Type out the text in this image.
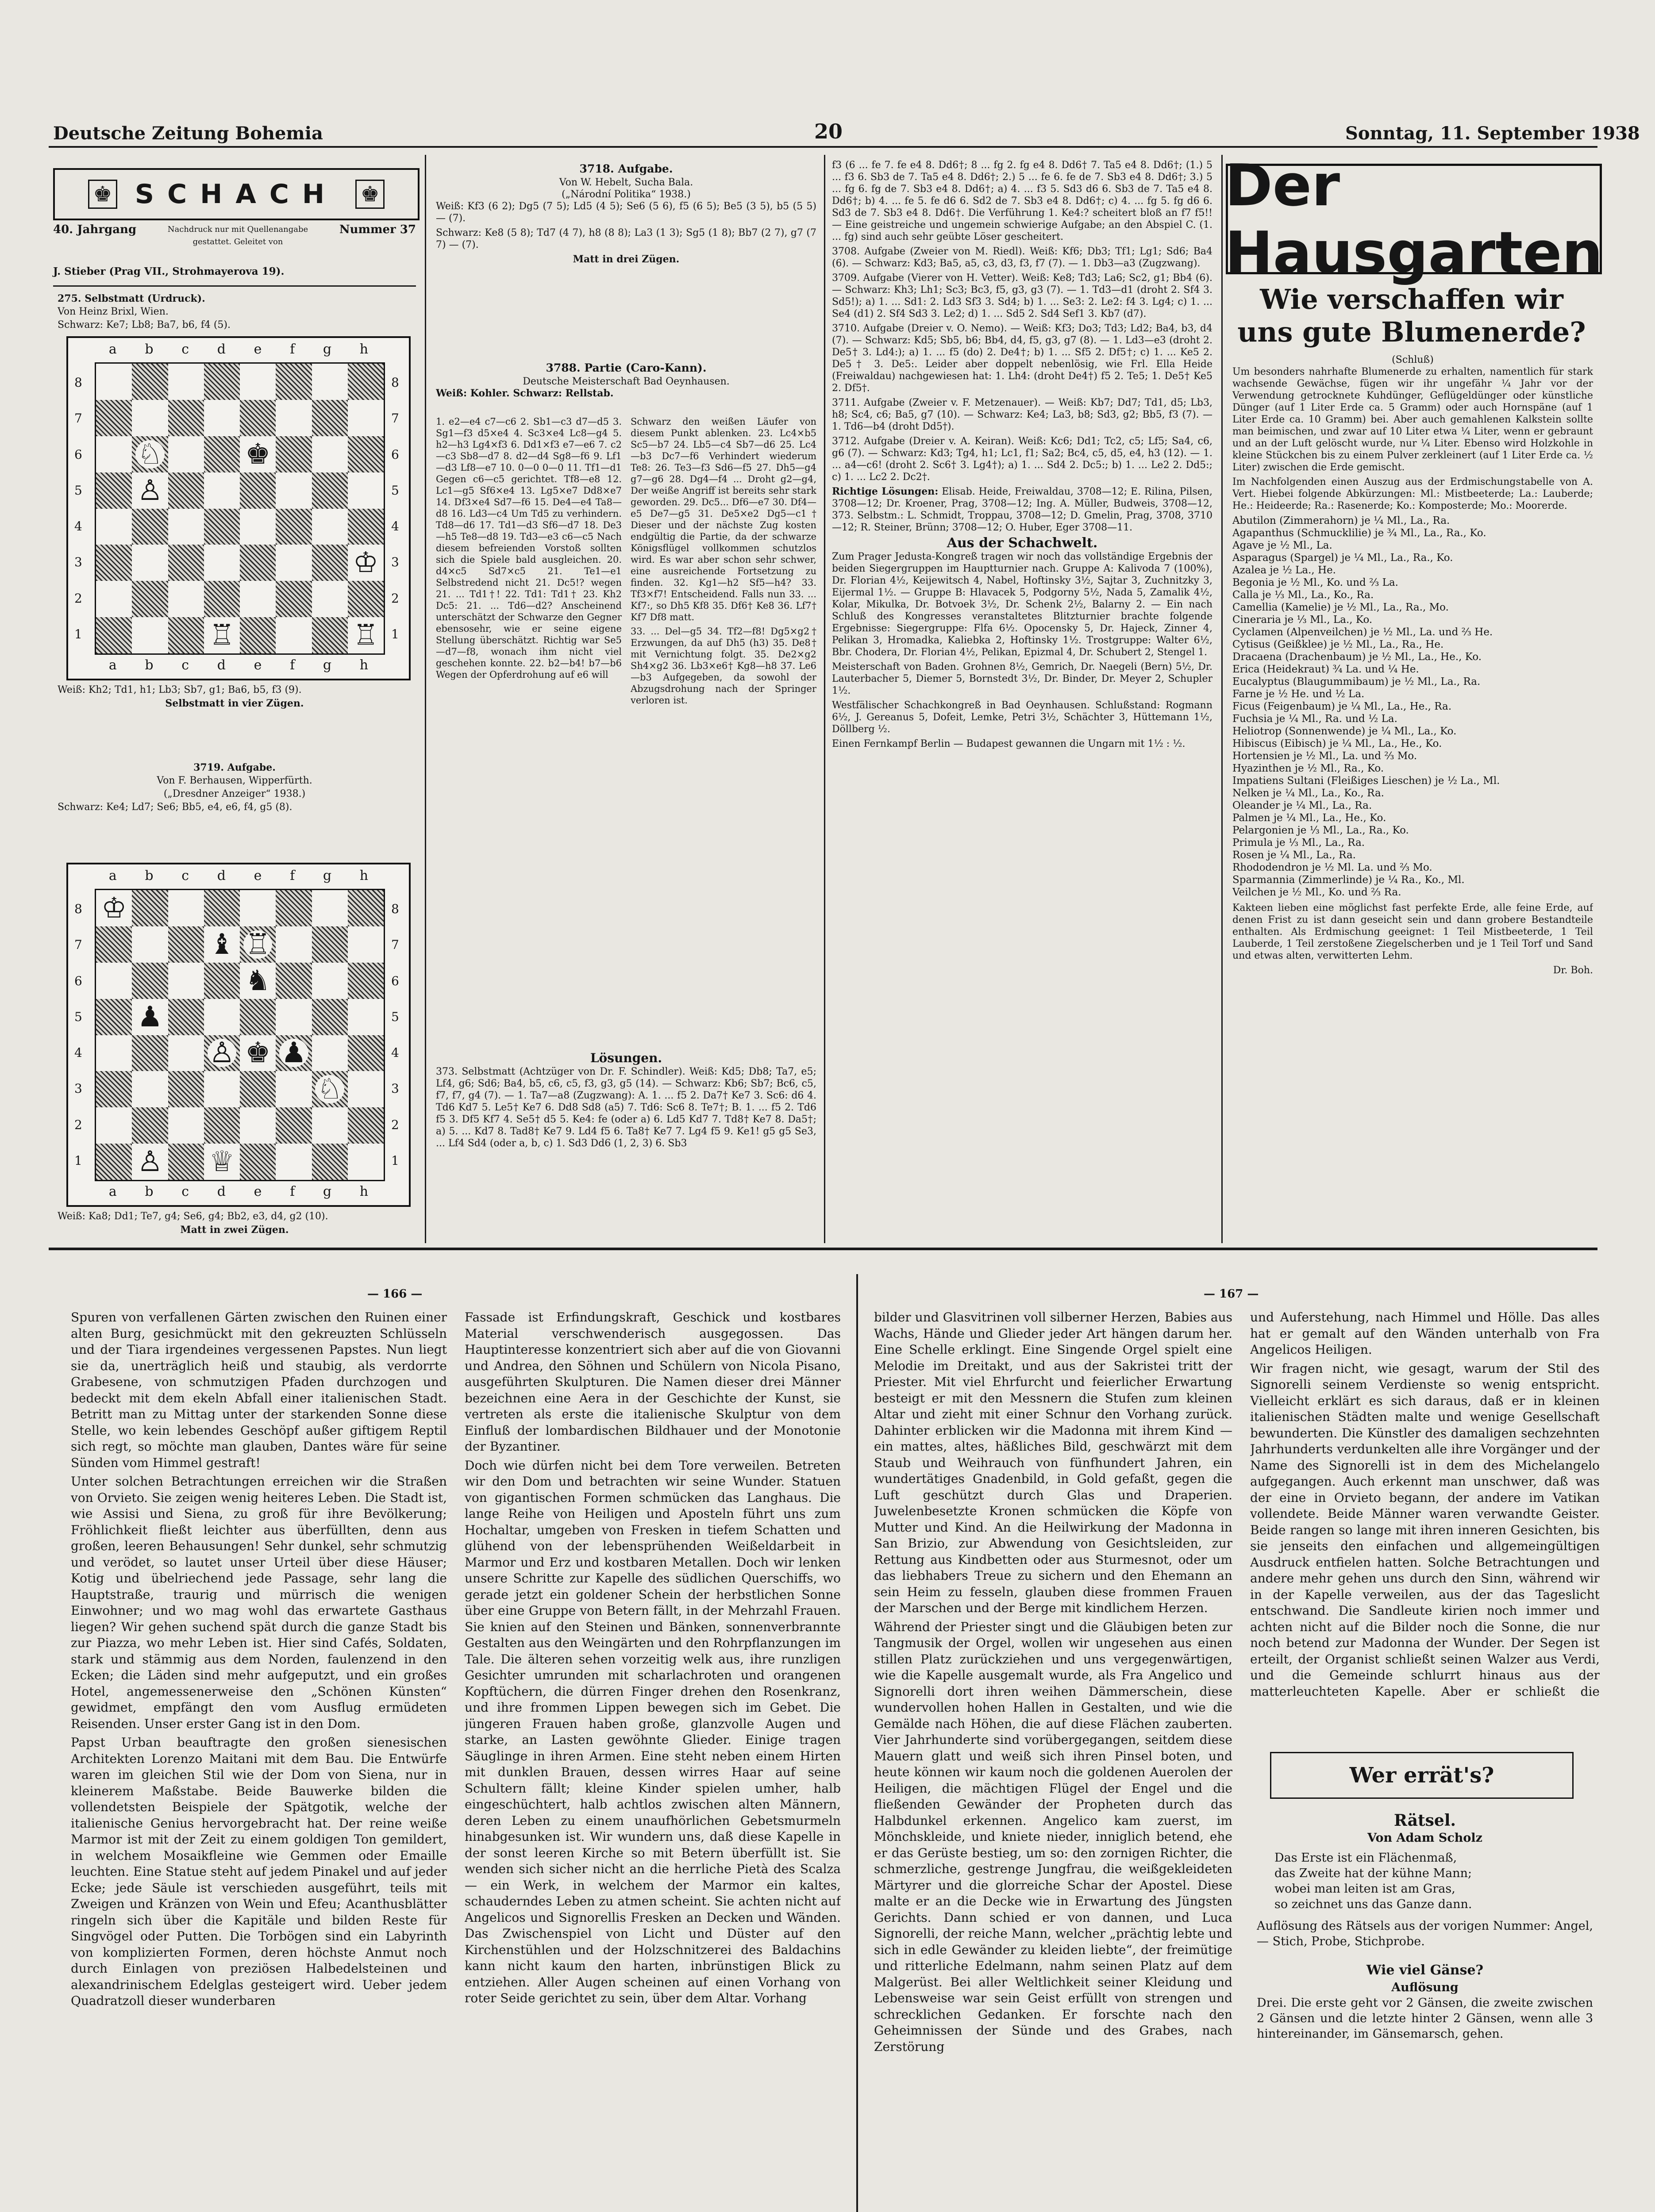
Deutsche Zeitung Bohemia	20	Sonntag, 11. September 1938
♚ SCHACH ♚
40. Jahrgang	Nachdruck nur mit Quellenangabe gestattet. Geleitet von
Nummer 37
J. Stieber (Prag VII., Strohmayerova 19).
275. Selbstmatt (Urdruck).
Von Heinz Brixl, Wien.
Schwarz: Ke7; Lb8; Ba7, b6, f4 (5).
a b c d e f g h
8
7
6
5
4
3
2
1
♘	♚
♙
♔
♖	♖
8
7
6
5
4
3
2
1
a b c d e f g h
Weiß: Kh2; Td1, h1; Lb3; Sb7, g1; Ba6, b5, f3 (9).
Selbstmatt in vier Zügen.
3719. Aufgabe.
Von F. Berhausen, Wipperfürth.
(„Dresdner Anzeiger“ 1938.)
Schwarz: Ke4; Ld7; Se6; Bb5, e4, e6, f4, g5 (8).
a b c d e f g h
8
7
6
5
4
3
2
1
♔
♝ ♖
♞
♟
♙ ♚ ♟
♘
♙ ♕
8
7
6
5
4
3
2
1
a b c d e f g h
Weiß: Ka8; Dd1; Te7, g4; Se6, g4; Bb2, e3, d4, g2 (10).
Matt in zwei Zügen.
3718. Aufgabe.
Von W. Hebelt, Sucha Bala.
(„Národní Politika“ 1938.)

Weiß: Kf3 (6 2); Dg5 (7 5); Ld5 (4 5); Se6 (5 6), f5 (6 5); Be5 (3 5), b5 (5 5) — (7).

Schwarz: Ke8 (5 8); Td7 (4 7), h8 (8 8); La3 (1 3); Sg5 (1 8); Bb7 (2 7), g7 (7 7) — (7).

Matt in drei Zügen.
3788. Partie (Caro-Kann).
Deutsche Meisterschaft Bad Oeynhausen.
Weiß: Kohler. Schwarz: Rellstab.

1. e2—e4 c7—c6 2. Sb1—c3 d7—d5 3. Sg1—f3 d5×e4 4. Sc3×e4 Lc8—g4 5. h2—h3 Lg4×f3 6. Dd1×f3 e7—e6 7. c2—c3 Sb8—d7 8. d2—d4 Sg8—f6 9. Lf1—d3 Lf8—e7 10. 0—0 0—0 11. Tf1—d1 Gegen c6—c5 gerichtet. Tf8—e8 12. Lc1—g5 Sf6×e4 13. Lg5×e7 Dd8×e7 14. Df3×e4 Sd7—f6 15. De4—e4 Ta8—d8 16. Ld3—c4 Um Td5 zu verhindern. Td8—d6 17. Td1—d3 Sf6—d7 18. De3—h5 Te8—d8 19. Td3—e3 c6—c5 Nach diesem befreienden Vorstoß sollten sich die Spiele bald ausgleichen. 20. d4×c5 Sd7×c5 21. Te1—e1 Selbstredend nicht 21. Dc5!? wegen 21. ... Td1†! 22. Td1: Td1† 23. Kh2 Dc5: 21. ... Td6—d2? Anscheinend unterschätzt der Schwarze den Gegner ebensosehr, wie er seine eigene Stellung überschätzt. Richtig war Se5—d7—f8, wonach ihm nicht viel geschehen konnte. 22. b2—b4! b7—b6 Wegen der Opferdrohung auf e6 will

Schwarz den weißen Läufer von diesem Punkt ablenken. 23. Lc4×b5 Sc5—b7 24. Lb5—c4 Sb7—d6 25. Lc4—b3 Dc7—f6 Verhindert wiederum Te8: 26. Te3—f3 Sd6—f5 27. Dh5—g4 g7—g6 28. Dg4—f4 ... Droht g2—g4, Der weiße Angriff ist bereits sehr stark geworden. 29. Dc5... Df6—e7 30. Df4—e5 De7—g5 31. De5×e2 Dg5—c1† Dieser und der nächste Zug kosten endgültig die Partie, da der schwarze Königsflügel vollkommen schutzlos wird. Es war aber schon sehr schwer, eine ausreichende Fortsetzung zu finden. 32. Kg1—h2 Sf5—h4? 33. Tf3×f7! Entscheidend. Falls nun 33. ... Kf7:, so Dh5 Kf8 35. Df6† Ke8 36. Lf7† Kf7 Df8 matt.

33. ... Del—g5 34. Tf2—f8! Dg5×g2† Erzwungen, da auf Dh5 (h3) 35. De8† mit Vernichtung folgt. 35. De2×g2 Sh4×g2 36. Lb3×e6† Kg8—h8 37. Le6—b3 Aufgegeben, da sowohl der Abzugsdrohung nach der Springer verloren ist.

Lösungen.

373. Selbstmatt (Achtzüger von Dr. F. Schindler). Weiß: Kd5; Db8; Ta7, e5; Lf4, g6; Sd6; Ba4, b5, c6, c5, f3, g3, g5 (14). — Schwarz: Kb6; Sb7; Bc6, c5, f7, f7, g4 (7). — 1. Ta7—a8 (Zugzwang): A. 1. ... f5 2. Da7† Ke7 3. Sc6: d6 4. Td6 Kd7 5. Le5† Ke7 6. Dd8 Sd8 (a5) 7. Td6: Sc6 8. Te7†; B. 1. ... f5 2. Td6 f5 3. Df5 Kf7 4. Se5† d5 5. Ke4: fe (oder a) 6. Ld5 Kd7 7. Td8† Ke7 8. Da5†; a) 5. ... Kd7 8. Tad8† Ke7 9. Ld4 f5 6. Ta8† Ke7 7. Lg4 f5 9. Ke1! g5 g5 Se3, ... Lf4 Sd4 (oder a, b, c) 1. Sd3 Dd6 (1, 2, 3) 6. Sb3

f3 (6 ... fe 7. fe e4 8. Dd6†; 8 ... fg 2. fg e4 8. Dd6† 7. Ta5 e4 8. Dd6†; (1.) 5 ... f3 6. Sb3 de 7. Ta5 e4 8. Dd6†; 2.) 5 ... fe 6. fe de 7. Sb3 e4 8. Dd6†; 3.) 5 ... fg 6. fg de 7. Sb3 e4 8. Dd6†; a) 4. ... f3 5. Sd3 d6 6. Sb3 de 7. Ta5 e4 8. Dd6†; b) 4. ... fe 5. fe d6 6. Sd2 de 7. Sb3 e4 8. Dd6†; c) 4. ... fg 5. fg d6 6. Sd3 de 7. Sb3 e4 8. Dd6†. Die Verführung 1. Ke4:? scheitert bloß an f7 f5!! — Eine geistreiche und ungemein schwierige Aufgabe; an den Abspiel C. (1. ... fg) sind auch sehr geübte Löser gescheitert.

3708. Aufgabe (Zweier von M. Riedl). Weiß: Kf6; Db3; Tf1; Lg1; Sd6; Ba4 (6). — Schwarz: Kd3; Ba5, a5, c3, d3, f3, f7 (7). — 1. Db3—a3 (Zugzwang).

3709. Aufgabe (Vierer von H. Vetter). Weiß: Ke8; Td3; La6; Sc2, g1; Bb4 (6). — Schwarz: Kh3; Lh1; Sc3; Bc3, f5, g3, g3 (7). — 1. Td3—d1 (droht 2. Sf4 3. Sd5!); a) 1. ... Sd1: 2. Ld3 Sf3 3. Sd4; b) 1. ... Se3: 2. Le2: f4 3. Lg4; c) 1. ... Se4 (d1) 2. Sf4 Sd3 3. Le2; d) 1. ... Sd5 2. Sd4 Sef1 3. Kb7 (d7).

3710. Aufgabe (Dreier v. O. Nemo). — Weiß: Kf3; Do3; Td3; Ld2; Ba4, b3, d4 (7). — Schwarz: Kd5; Sb5, b6; Bb4, d4, f5, g3, g7 (8). — 1. Ld3—e3 (droht 2. De5† 3. Ld4:); a) 1. ... f5 (do) 2. De4†; b) 1. ... Sf5 2. Df5†; c) 1. ... Ke5 2. De5† 3. De5:. Leider aber doppelt nebenlösig, wie Frl. Ella Heide (Freiwaldau) nachgewiesen hat: 1. Lh4: (droht De4†) f5 2. Te5; 1. De5† Ke5 2. Df5†.

3711. Aufgabe (Zweier v. F. Metzenauer). — Weiß: Kb7; Dd7; Td1, d5; Lb3, h8; Sc4, c6; Ba5, g7 (10). — Schwarz: Ke4; La3, b8; Sd3, g2; Bb5, f3 (7). — 1. Td6—b4 (droht Dd5†).

3712. Aufgabe (Dreier v. A. Keiran). Weiß: Kc6; Dd1; Tc2, c5; Lf5; Sa4, c6, g6 (7). — Schwarz: Kd3; Tg4, h1; Lc1, f1; Sa2; Bc4, c5, d5, e4, h3 (12). — 1. ... a4—c6! (droht 2. Sc6† 3. Lg4†); a) 1. ... Sd4 2. Dc5:; b) 1. ... Le2 2. Dd5:; c) 1. ... Lc2 2. Dc2†.

Richtige Lösungen: Elisab. Heide, Freiwaldau, 3708—12; E. Rilina, Pilsen, 3708—12; Dr. Kroener, Prag, 3708—12; Ing. A. Müller, Budweis, 3708—12, 373. Selbstm.: L. Schmidt, Troppau, 3708—12; D. Gmelin, Prag, 3708, 3710—12; R. Steiner, Brünn; 3708—12; O. Huber, Eger 3708—11.

Aus der Schachwelt.

Zum Prager Jedusta-Kongreß tragen wir noch das vollständige Ergebnis der beiden Siegergruppen im Hauptturnier nach. Gruppe A: Kalivoda 7 (100%), Dr. Florian 4½, Keijewitsch 4, Nabel, Hoftinsky 3½, Sajtar 3, Zuchnitzky 3, Eijermal 1½. — Gruppe B: Hlavacek 5, Podgorny 5½, Nada 5, Zamalik 4½, Kolar, Mikulka, Dr. Botvoek 3½, Dr. Schenk 2½, Balarny 2. — Ein nach Schluß des Kongresses veranstaltetes Blitzturnier brachte folgende Ergebnisse: Siegergruppe: Flfa 6½. Opocensky 5, Dr. Hajeck, Zinner 4, Pelikan 3, Hromadka, Kaliebka 2, Hoftinsky 1½. Trostgruppe: Walter 6½, Bbr. Chodera, Dr. Florian 4½, Pelikan, Epizmal 4, Dr. Schubert 2, Stengel 1.

Meisterschaft von Baden. Grohnen 8½, Gemrich, Dr. Naegeli (Bern) 5½, Dr. Lauterbacher 5, Diemer 5, Bornstedt 3½, Dr. Binder, Dr. Meyer 2, Schupler 1½.

Westfälischer Schachkongreß in Bad Oeynhausen. Schlußstand: Rogmann 6½, J. Gereanus 5, Dofeit, Lemke, Petri 3½, Schächter 3, Hüttemann 1½, Döllberg ½.

Einen Fernkampf Berlin — Budapest gewannen die Ungarn mit 1½ : ½.

Der Hausgarten
Wie verschaffen wir uns gute Blumenerde?
(Schluß)

Um besonders nahrhafte Blumenerde zu erhalten, namentlich für stark wachsende Gewächse, fügen wir ihr ungefähr ¼ Jahr vor der Verwendung getrocknete Kuhdünger, Geflügeldünger oder künstliche Dünger (auf 1 Liter Erde ca. 5 Gramm) oder auch Hornspäne (auf 1 Liter Erde ca. 10 Gramm) bei. Aber auch gemahlenen Kalkstein sollte man beimischen, und zwar auf 10 Liter etwa ¼ Liter, wenn er gebraunt und an der Luft gelöscht wurde, nur ¼ Liter. Ebenso wird Holzkohle in kleine Stückchen bis zu einem Pulver zerkleinert (auf 1 Liter Erde ca. ½ Liter) zwischen die Erde gemischt.

Im Nachfolgenden einen Auszug aus der Erdmischungstabelle von A. Vert. Hiebei folgende Abkürzungen: Ml.: Mistbeeterde; La.: Lauberde; He.: Heideerde; Ra.: Rasenerde; Ko.: Komposterde; Mo.: Moorerde.

Abutilon (Zimmerahorn) je ¼ Ml., La., Ra.
Agapanthus (Schmucklilie) je ¾ Ml., La., Ra., Ko.
Agave je ½ Ml., La.
Asparagus (Spargel) je ¼ Ml., La., Ra., Ko.
Azalea je ½ La., He.
Begonia je ½ Ml., Ko. und ⅔ La.
Calla je ⅓ Ml., La., Ko., Ra.
Camellia (Kamelie) je ½ Ml., La., Ra., Mo.
Cineraria je ⅓ Ml., La., Ko.
Cyclamen (Alpenveilchen) je ½ Ml., La. und ⅔ He.
Cytisus (Geißklee) je ½ Ml., La., Ra., He.
Dracaena (Drachenbaum) je ½ Ml., La., He., Ko.
Erica (Heidekraut) ¾ La. und ¼ He.
Eucalyptus (Blaugummibaum) je ½ Ml., La., Ra.
Farne je ½ He. und ½ La.
Ficus (Feigenbaum) je ¼ Ml., La., He., Ra.
Fuchsia je ¼ Ml., Ra. und ½ La.
Heliotrop (Sonnenwende) je ¼ Ml., La., Ko.
Hibiscus (Eibisch) je ¼ Ml., La., He., Ko.
Hortensien je ½ Ml., La. und ⅔ Mo.
Hyazinthen je ½ Ml., Ra., Ko.
Impatiens Sultani (Fleißiges Lieschen) je ½ La., Ml.
Nelken je ¼ Ml., La., Ko., Ra.
Oleander je ¼ Ml., La., Ra.
Palmen je ¼ Ml., La., He., Ko.
Pelargonien je ⅓ Ml., La., Ra., Ko.
Primula je ⅓ Ml., La., Ra.
Rosen je ¼ Ml., La., Ra.
Rhododendron je ½ Ml. La. und ⅔ Mo.
Sparmannia (Zimmerlinde) je ¼ Ra., Ko., Ml.
Veilchen je ½ Ml., Ko. und ⅔ Ra.

Kakteen lieben eine möglichst fast perfekte Erde, alle feine Erde, auf denen Frist zu ist dann geseicht sein und dann grobere Bestandteile enthalten. Als Erdmischung geeignet: 1 Teil Mistbeeterde, 1 Teil Lauberde, 1 Teil zerstoßene Ziegelscherben und je 1 Teil Torf und Sand und etwas alten, verwitterten Lehm.

Dr. Boh.
— 166 —	— 167 —

Spuren von verfallenen Gärten zwischen den Ruinen einer alten Burg, gesichmückt mit den gekreuzten Schlüsseln und der Tiara irgendeines vergessenen Papstes. Nun liegt sie da, unerträglich heiß und staubig, als verdorrte Grabesene, von schmutzigen Pfaden durchzogen und bedeckt mit dem ekeln Abfall einer italienischen Stadt. Betritt man zu Mittag unter der starkenden Sonne diese Stelle, wo kein lebendes Geschöpf außer giftigem Reptil sich regt, so möchte man glauben, Dantes wäre für seine Sünden vom Himmel gestraft!

Unter solchen Betrachtungen erreichen wir die Straßen von Orvieto. Sie zeigen wenig heiteres Leben. Die Stadt ist, wie Assisi und Siena, zu groß für ihre Bevölkerung; Fröhlichkeit fließt leichter aus überfüllten, denn aus großen, leeren Behausungen! Sehr dunkel, sehr schmutzig und verödet, so lautet unser Urteil über diese Häuser; Kotig und übelriechend jede Passage, sehr lang die Hauptstraße, traurig und mürrisch die wenigen Einwohner; und wo mag wohl das erwartete Gasthaus liegen? Wir gehen suchend spät durch die ganze Stadt bis zur Piazza, wo mehr Leben ist. Hier sind Cafés, Soldaten, stark und stämmig aus dem Norden, faulenzend in den Ecken; die Läden sind mehr aufgeputzt, und ein großes Hotel, angemessenerweise den „Schönen Künsten“ gewidmet, empfängt den vom Ausflug ermüdeten Reisenden. Unser erster Gang ist in den Dom.

Papst Urban beauftragte den großen sienesischen Architekten Lorenzo Maitani mit dem Bau. Die Entwürfe waren im gleichen Stil wie der Dom von Siena, nur in kleinerem Maßstabe. Beide Bauwerke bilden die vollendetsten Beispiele der Spätgotik, welche der italienische Genius hervorgebracht hat. Der reine weiße Marmor ist mit der Zeit zu einem goldigen Ton gemildert, in welchem Mosaikfleine wie Gemmen oder Emaille leuchten. Eine Statue steht auf jedem Pinakel und auf jeder Ecke; jede Säule ist verschieden ausgeführt, teils mit Zweigen und Kränzen von Wein und Efeu; Acanthusblätter ringeln sich über die Kapitäle und bilden Reste für Singvögel oder Putten. Die Torbögen sind ein Labyrinth von komplizierten Formen, deren höchste Anmut noch durch Einlagen von preziösen Halbedelsteinen und alexandrinischem Edelglas gesteigert wird. Ueber jedem Quadratzoll dieser wunderbaren

Fassade ist Erfindungskraft, Geschick und kostbares Material verschwenderisch ausgegossen. Das Hauptinteresse konzentriert sich aber auf die von Giovanni und Andrea, den Söhnen und Schülern von Nicola Pisano, ausgeführten Skulpturen. Die Namen dieser drei Männer bezeichnen eine Aera in der Geschichte der Kunst, sie vertreten als erste die italienische Skulptur von dem Einfluß der lombardischen Bildhauer und der Monotonie der Byzantiner.

Doch wie dürfen nicht bei dem Tore verweilen. Betreten wir den Dom und betrachten wir seine Wunder. Statuen von gigantischen Formen schmücken das Langhaus. Die lange Reihe von Heiligen und Aposteln führt uns zum Hochaltar, umgeben von Fresken in tiefem Schatten und glühend von der lebensprühenden Weißeldarbeit in Marmor und Erz und kostbaren Metallen. Doch wir lenken unsere Schritte zur Kapelle des südlichen Querschiffs, wo gerade jetzt ein goldener Schein der herbstlichen Sonne über eine Gruppe von Betern fällt, in der Mehrzahl Frauen. Sie knien auf den Steinen und Bänken, sonnenverbrannte Gestalten aus den Weingärten und den Rohrpflanzungen im Tale. Die älteren sehen vorzeitig welk aus, ihre runzligen Gesichter umrunden mit scharlachroten und orangenen Kopftüchern, die dürren Finger drehen den Rosenkranz, und ihre frommen Lippen bewegen sich im Gebet. Die jüngeren Frauen haben große, glanzvolle Augen und starke, an Lasten gewöhnte Glieder. Einige tragen Säuglinge in ihren Armen. Eine steht neben einem Hirten mit dunklen Brauen, dessen wirres Haar auf seine Schultern fällt; kleine Kinder spielen umher, halb eingeschüchtert, halb achtlos zwischen alten Männern, deren Leben zu einem unaufhörlichen Gebetsmurmeln hinabgesunken ist. Wir wundern uns, daß diese Kapelle in der sonst leeren Kirche so mit Betern überfüllt ist. Sie wenden sich sicher nicht an die herrliche Pietà des Scalza — ein Werk, in welchem der Marmor ein kaltes, schauderndes Leben zu atmen scheint. Sie achten nicht auf Angelicos und Signorellis Fresken an Decken und Wänden. Das Zwischenspiel von Licht und Düster auf den Kirchenstühlen und der Holzschnitzerei des Baldachins kann nicht kaum den harten, inbrünstigen Blick zu entziehen. Aller Augen scheinen auf einen Vorhang von roter Seide gerichtet zu sein, über dem Altar. Vorhang

bilder und Glasvitrinen voll silberner Herzen, Babies aus Wachs, Hände und Glieder jeder Art hängen darum her. Eine Schelle erklingt. Eine Singende Orgel spielt eine Melodie im Dreitakt, und aus der Sakristei tritt der Priester. Mit viel Ehrfurcht und feierlicher Erwartung besteigt er mit den Messnern die Stufen zum kleinen Altar und zieht mit einer Schnur den Vorhang zurück. Dahinter erblicken wir die Madonna mit ihrem Kind — ein mattes, altes, häßliches Bild, geschwärzt mit dem Staub und Weihrauch von fünfhundert Jahren, ein wundertätiges Gnadenbild, in Gold gefaßt, gegen die Luft geschützt durch Glas und Draperien. Juwelenbesetzte Kronen schmücken die Köpfe von Mutter und Kind. An die Heilwirkung der Madonna in San Brizio, zur Abwendung von Gesichtsleiden, zur Rettung aus Kindbetten oder aus Sturmesnot, oder um das liebhabers Treue zu sichern und den Ehemann an sein Heim zu fesseln, glauben diese frommen Frauen der Marschen und der Berge mit kindlichem Herzen.

Während der Priester singt und die Gläubigen beten zur Tangmusik der Orgel, wollen wir ungesehen aus einen stillen Platz zurückziehen und uns vergegenwärtigen, wie die Kapelle ausgemalt wurde, als Fra Angelico und Signorelli dort ihren weihen Dämmerschein, diese wundervollen hohen Hallen in Gestalten, und wie die Gemälde nach Höhen, die auf diese Flächen zauberten. Vier Jahrhunderte sind vorübergegangen, seitdem diese Mauern glatt und weiß sich ihren Pinsel boten, und heute können wir kaum noch die goldenen Auerolen der Heiligen, die mächtigen Flügel der Engel und die fließenden Gewänder der Propheten durch das Halbdunkel erkennen. Angelico kam zuerst, im Mönchskleide, und kniete nieder, inniglich betend, ehe er das Gerüste bestieg, um so: den zornigen Richter, die schmerzliche, gestrenge Jungfrau, die weißgekleideten Märtyrer und die glorreiche Schar der Apostel. Diese malte er an die Decke wie in Erwartung des Jüngsten Gerichts. Dann schied er von dannen, und Luca Signorelli, der reiche Mann, welcher „prächtig lebte und sich in edle Gewänder zu kleiden liebte“, der freimütige und ritterliche Edelmann, nahm seinen Platz auf dem Malgerüst. Bei aller Weltlichkeit seiner Kleidung und Lebensweise war sein Geist erfüllt von strengen und schrecklichen Gedanken. Er forschte nach den Geheimnissen der Sünde und des Grabes, nach Zerstörung

und Auferstehung, nach Himmel und Hölle. Das alles hat er gemalt auf den Wänden unterhalb von Fra Angelicos Heiligen.

Wir fragen nicht, wie gesagt, warum der Stil des Signorelli seinem Verdienste so wenig entspricht. Vielleicht erklärt es sich daraus, daß er in kleinen italienischen Städten malte und wenige Gesellschaft bewunderten. Die Künstler des damaligen sechzehnten Jahrhunderts verdunkelten alle ihre Vorgänger und der Name des Signorelli ist in dem des Michelangelo aufgegangen. Auch erkennt man unschwer, daß was der eine in Orvieto begann, der andere im Vatikan vollendete. Beide Männer waren verwandte Geister. Beide rangen so lange mit ihren inneren Gesichten, bis sie jenseits den einfachen und allgemeingültigen Ausdruck entfielen hatten. Solche Betrachtungen und andere mehr gehen uns durch den Sinn, während wir in der Kapelle verweilen, aus der das Tageslicht entschwand. Die Sandleute kirien noch immer und achten nicht auf die Bilder noch die Sonne, die nur noch betend zur Madonna der Wunder. Der Segen ist erteilt, der Organist schließt seinen Walzer aus Verdi, und die Gemeinde schlurrt hinaus aus der matterleuchteten Kapelle. Aber er schließt die

Wer errät's?
Rätsel.
Von Adam Scholz
Das Erste ist ein Flächenmaß,
das Zweite hat der kühne Mann;
wobei man leiten ist am Gras,
so zeichnet uns das Ganze dann.

Auflösung des Rätsels aus der vorigen Nummer: Angel, — Stich, Probe, Stichprobe.

Wie viel Gänse?
Auflösung

Drei. Die erste geht vor 2 Gänsen, die zweite zwischen 2 Gänsen und die letzte hinter 2 Gänsen, wenn alle 3 hintereinander, im Gänsemarsch, gehen.
